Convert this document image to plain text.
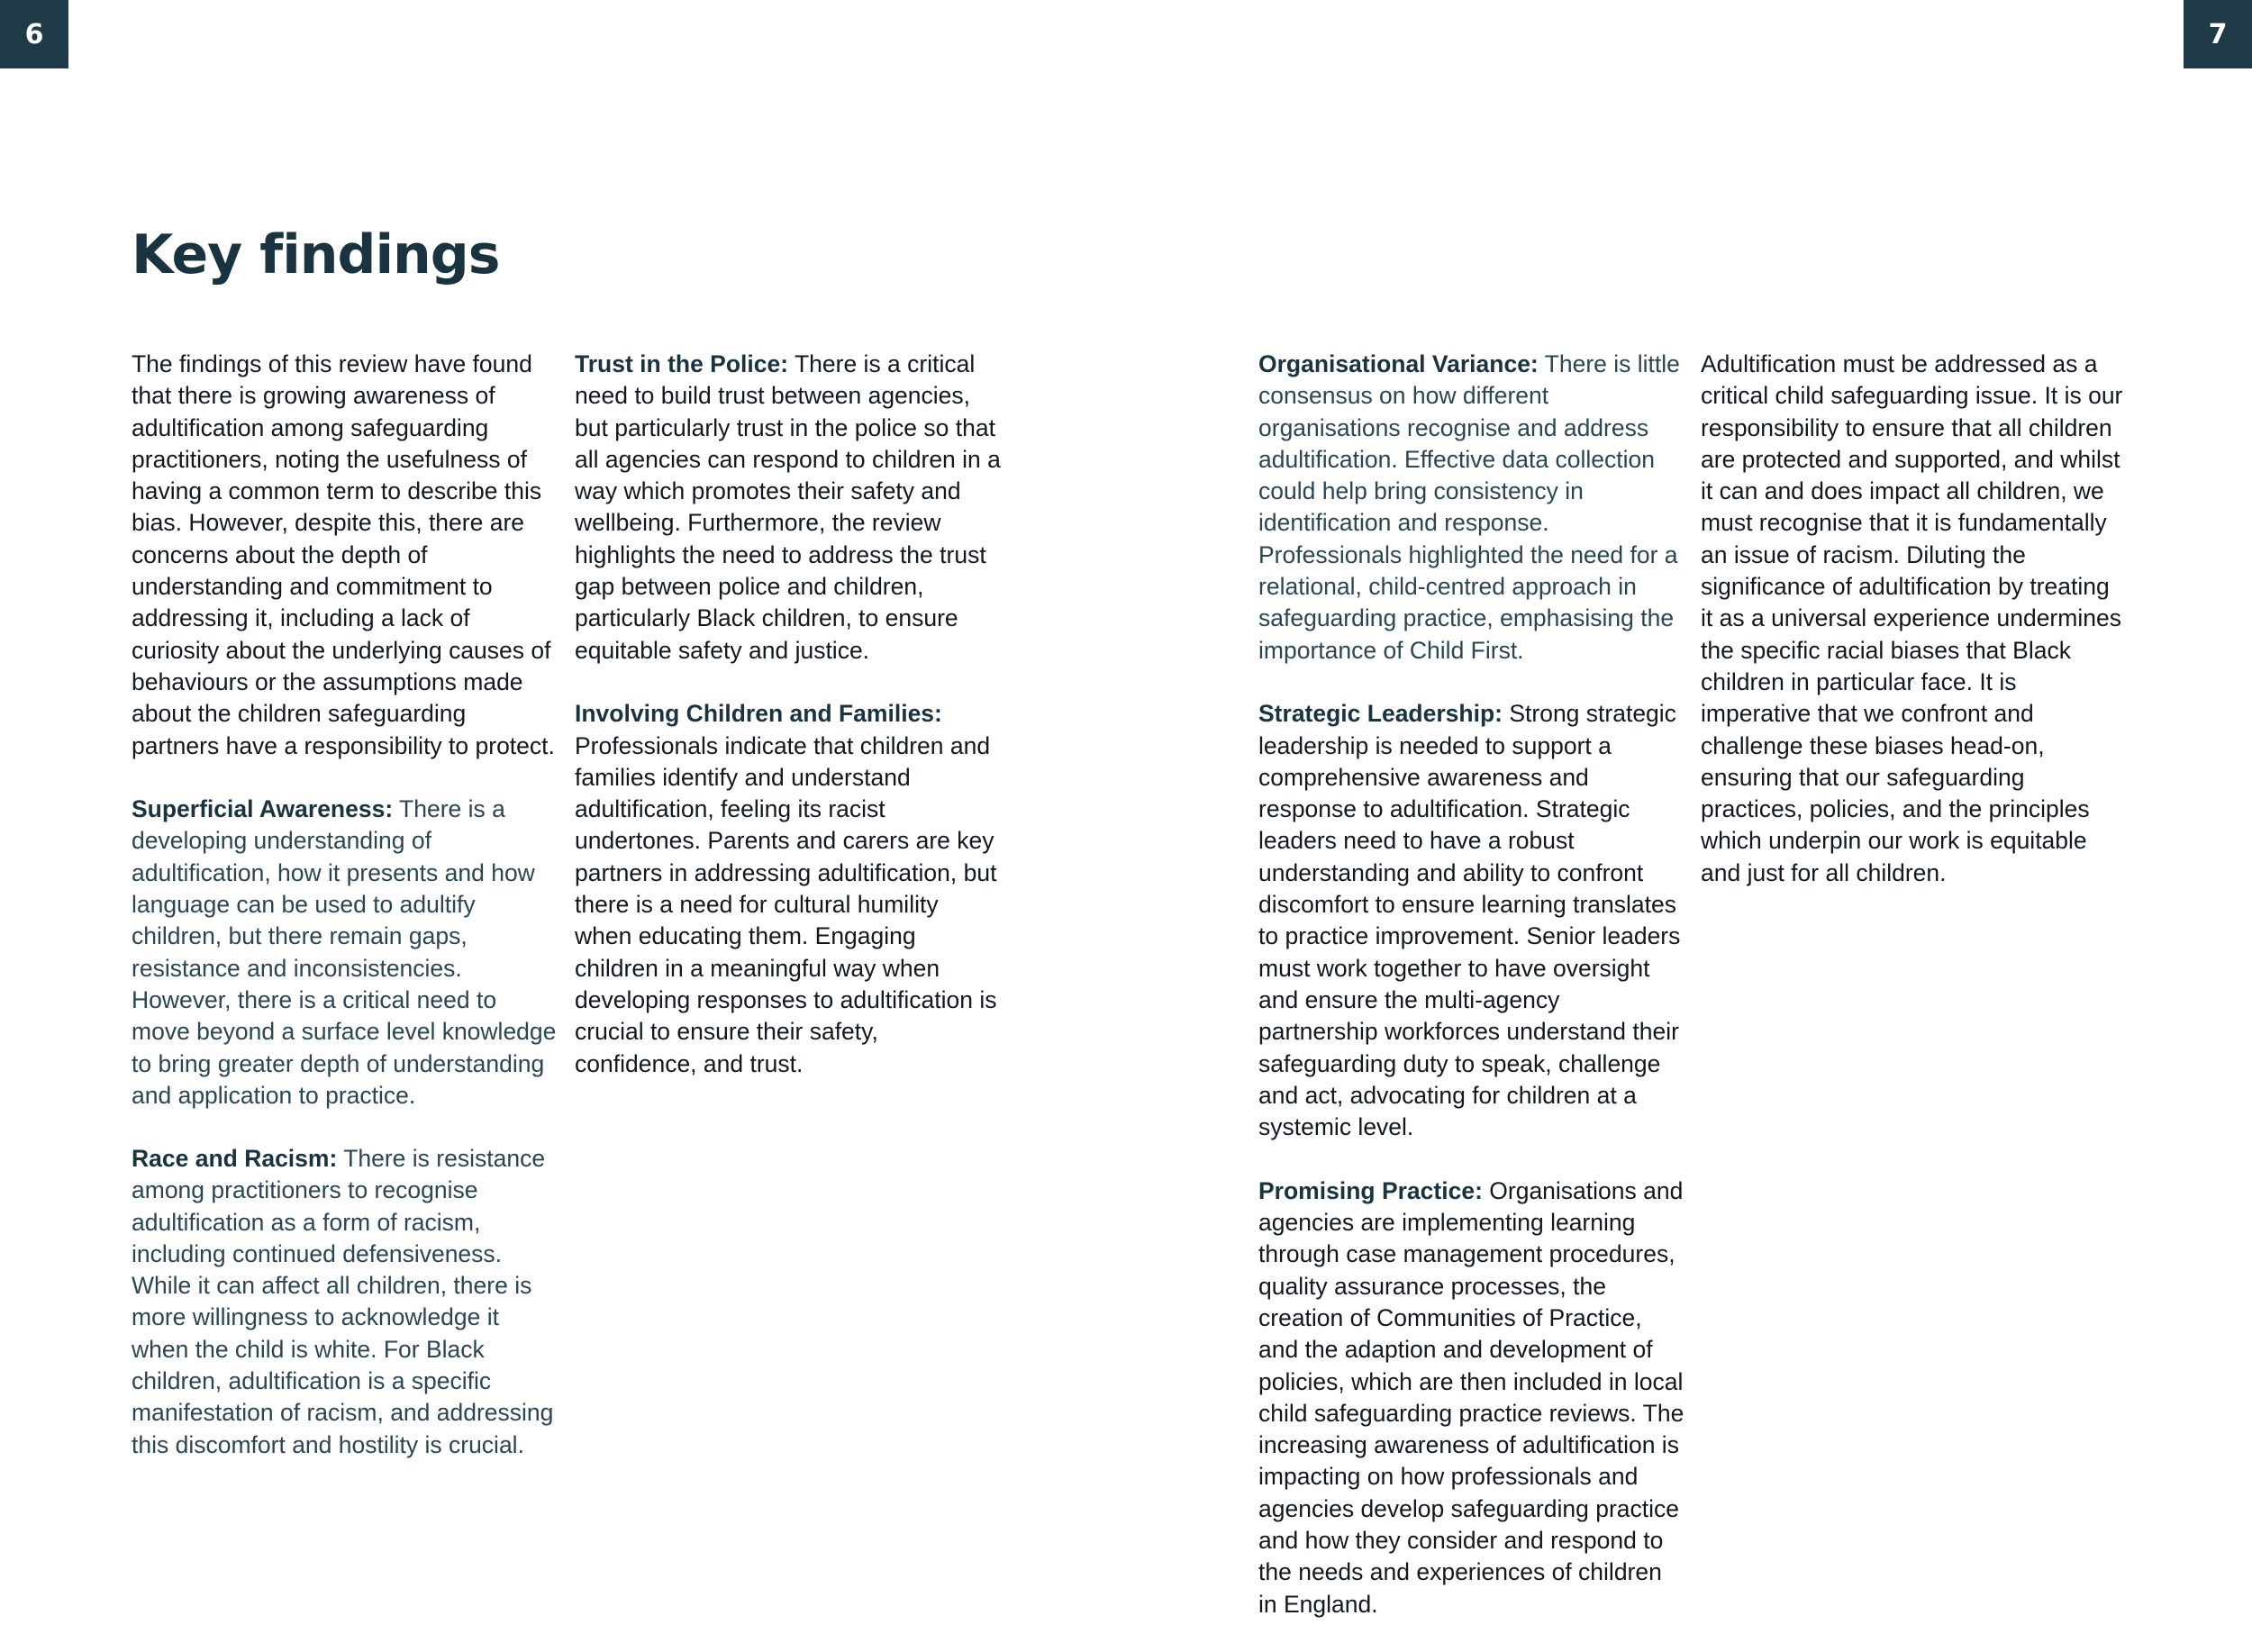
6	7
Key findings

The findings of this review have found that there is growing awareness of adultification among safeguarding practitioners, noting the usefulness of having a common term to describe this bias. However, despite this, there are concerns about the depth of understanding and commitment to addressing it, including a lack of curiosity about the underlying causes of behaviours or the assumptions made about the children safeguarding partners have a responsibility to protect.

Superficial Awareness: There is a developing understanding of adultification, how it presents and how language can be used to adultify children, but there remain gaps, resistance and inconsistencies. However, there is a critical need to move beyond a surface level knowledge to bring greater depth of understanding and application to practice.

Trust in the Police: There is a critical need to build trust between agencies, but particularly trust in the police so that all agencies can respond to children in a way which promotes their safety and wellbeing. Furthermore, the review highlights the need to address the trust gap between police and children, particularly Black children, to ensure equitable safety and justice.

Involving Children and Families: Professionals indicate that children and families identify and understand adultification, feeling its racist undertones. Parents and carers are key partners in addressing adultification, but there is a need for cultural humility when educating them. Engaging children in a meaningful way when developing responses to adultification is crucial to ensure their safety, confidence, and trust.

Organisational Variance: There is little consensus on how different organisations recognise and address adultification. Effective data collection could help bring consistency in identification and response. Professionals highlighted the need for a relational, child-centred approach in safeguarding practice, emphasising the importance of Child First.

Strategic Leadership: Strong strategic leadership is needed to support a comprehensive awareness and response to adultification. Strategic leaders need to have a robust understanding and ability to confront discomfort to ensure learning translates to practice improvement. Senior leaders must work together to have oversight and ensure the multi-agency partnership workforces understand their safeguarding duty to speak, challenge and act, advocating for children at a systemic level.

Promising Practice: Organisations and agencies are implementing learning through case management procedures, quality assurance processes, the creation of Communities of Practice, and the adaption and development of policies, which are then included in local child safeguarding practice reviews. The increasing awareness of adultification is impacting on how professionals and agencies develop safeguarding practice and how they consider and respond to the needs and experiences of children in England.

Adultification must be addressed as a critical child safeguarding issue. It is our responsibility to ensure that all children are protected and supported, and whilst it can and does impact all children, we must recognise that it is fundamentally an issue of racism. Diluting the significance of adultification by treating it as a universal experience undermines the specific racial biases that Black children in particular face. It is imperative that we confront and challenge these biases head-on, ensuring that our safeguarding practices, policies, and the principles which underpin our work is equitable and just for all children.

Race and Racism: There is resistance among practitioners to recognise adultification as a form of racism, including continued defensiveness. While it can affect all children, there is more willingness to acknowledge it when the child is white. For Black children, adultification is a specific manifestation of racism, and addressing this discomfort and hostility is crucial.
